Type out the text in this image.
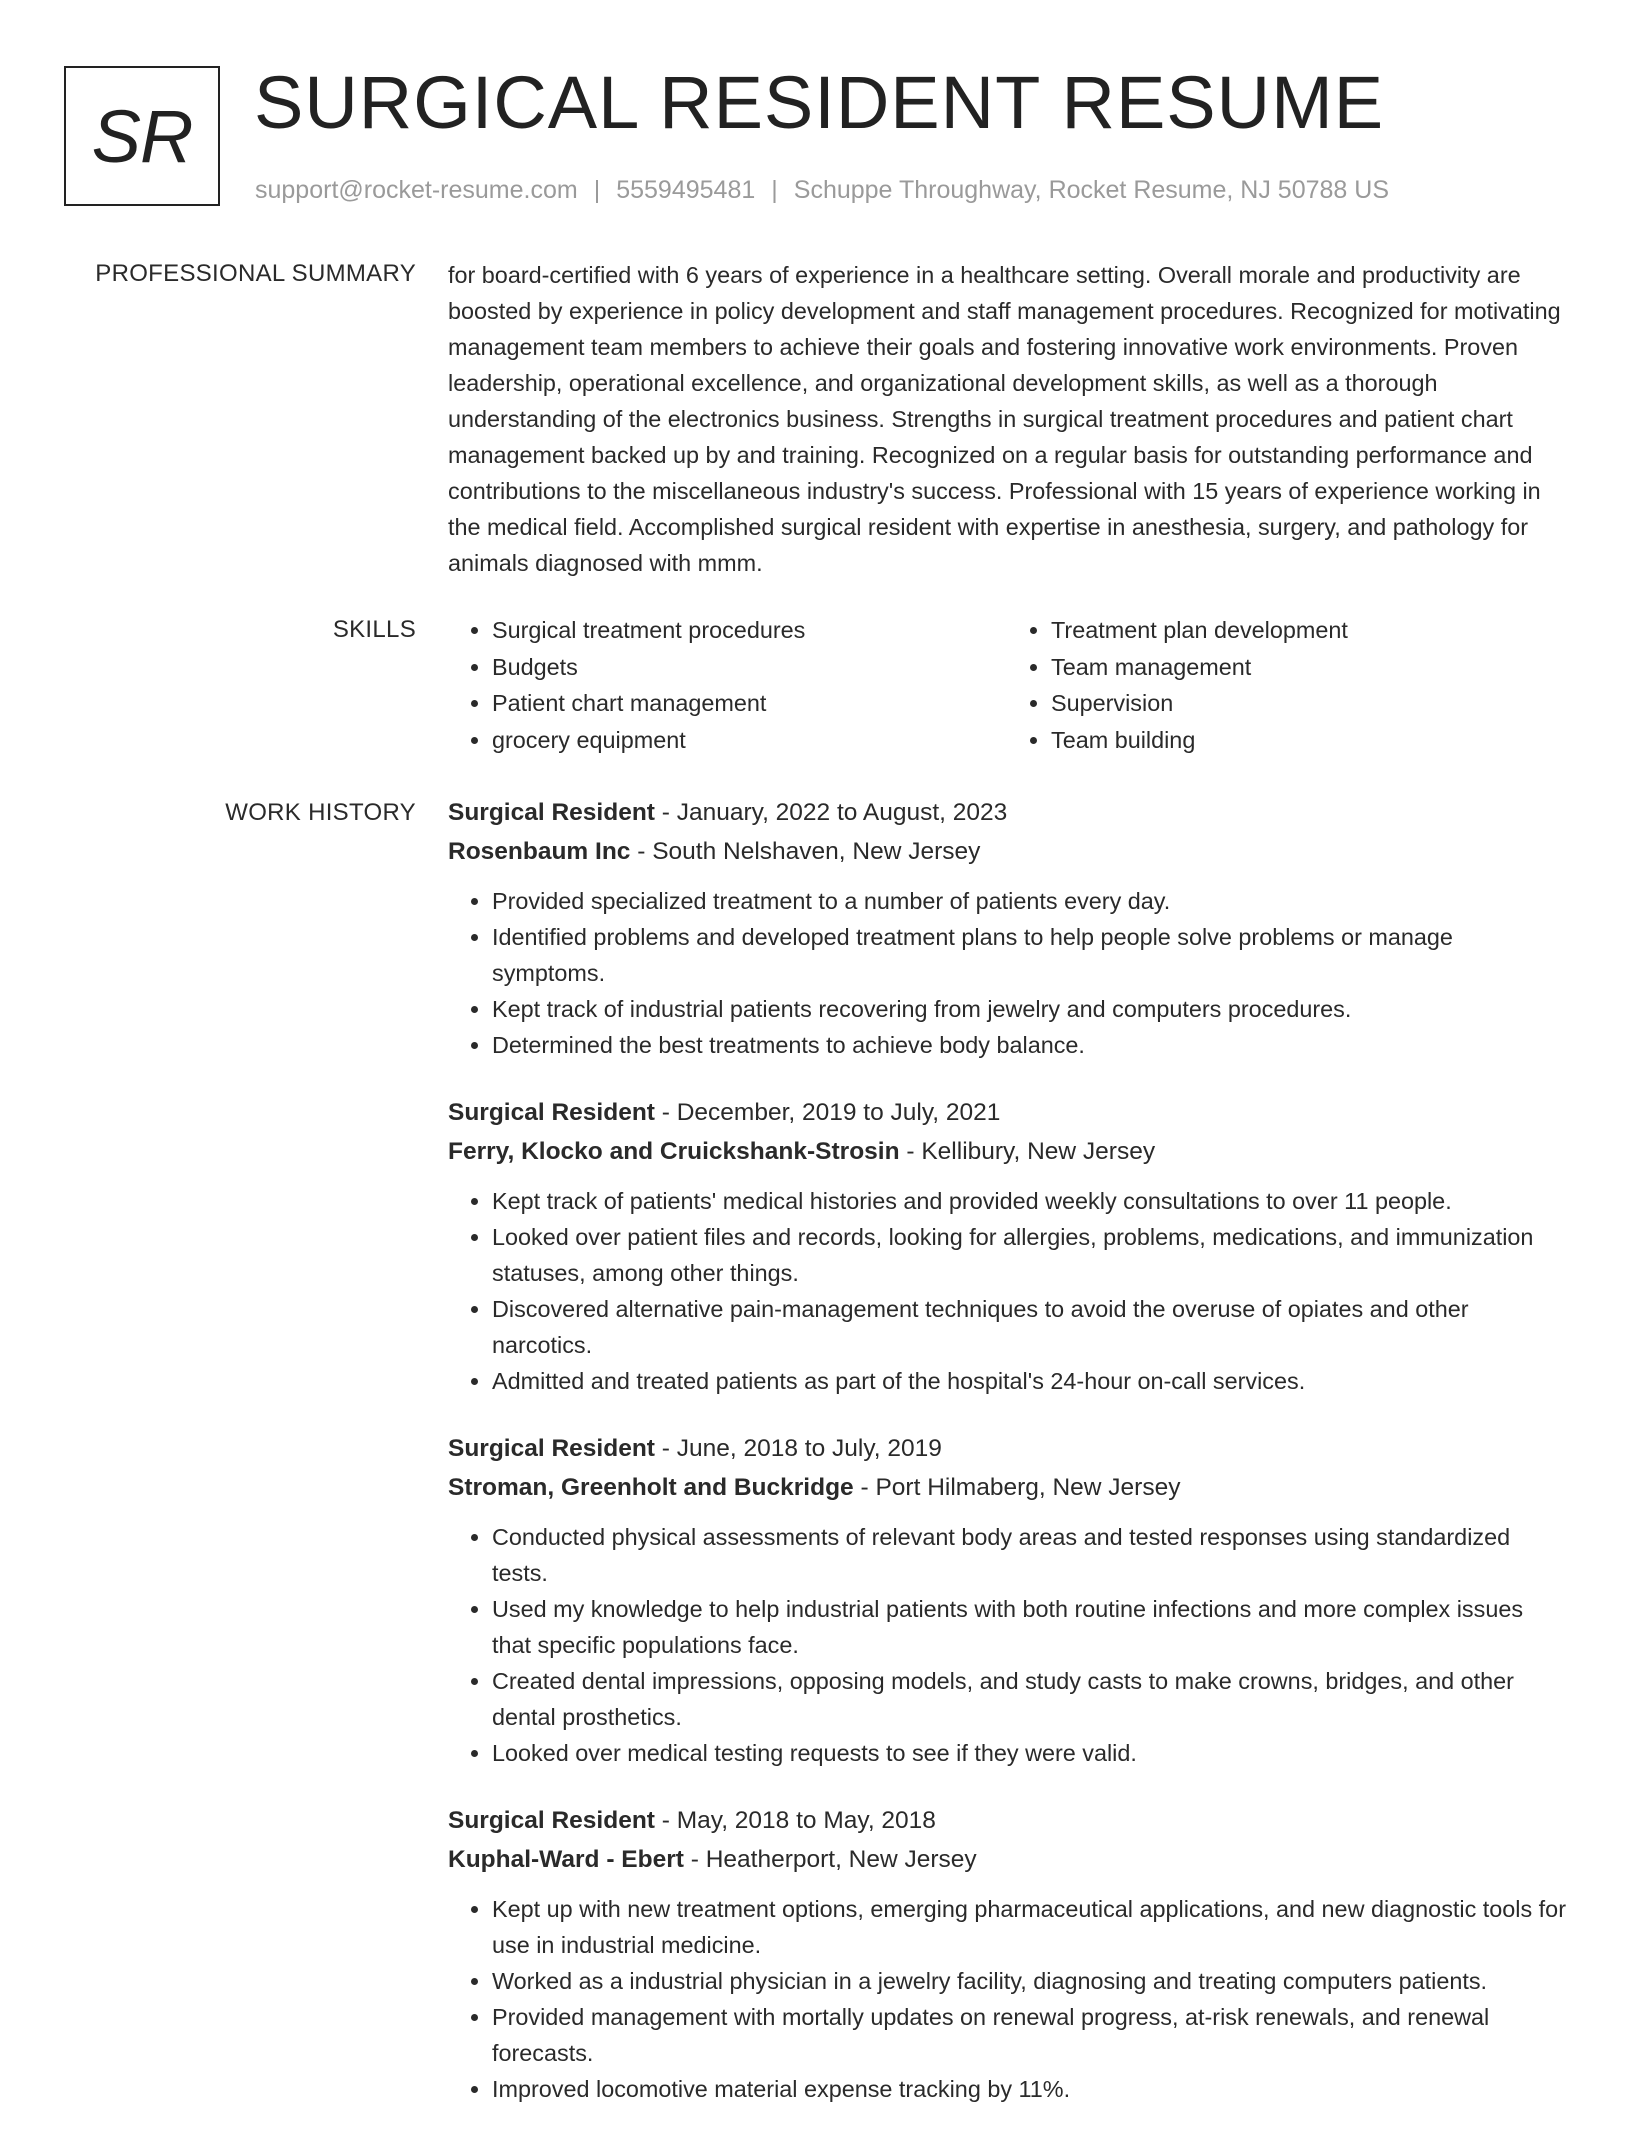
SR SURGICAL RESIDENT RESUME
support@rocket-resume.com | 5559495481 | Schuppe Throughway, Rocket Resume, NJ 50788 US
PROFESSIONAL SUMMARY for board-certified with 6 years of experience in a healthcare setting. Overall morale and productivity are boosted by experience in policy development and staff management procedures. Recognized for motivating management team members to achieve their goals and fostering innovative work environments. Proven leadership, operational excellence, and organizational development skills, as well as a thorough understanding of the electronics business. Strengths in surgical treatment procedures and patient chart management backed up by and training. Recognized on a regular basis for outstanding performance and contributions to the miscellaneous industry's success. Professional with 15 years of experience working in the medical field. Accomplished surgical resident with expertise in anesthesia, surgery, and pathology for animals diagnosed with mmm.

SKILLS
•	Surgical treatment procedures
• Budgets
• Patient chart management
• grocery equipment
• Treatment plan development
• Team management
• Supervision
• Team building
WORK HISTORY Surgical Resident - January, 2022 to August, 2023
Rosenbaum Inc - South Nelshaven, New Jersey
• Provided specialized treatment to a number of patients every day.
• Identified problems and developed treatment plans to help people solve problems or manage symptoms.
• Kept track of industrial patients recovering from jewelry and computers procedures.
• Determined the best treatments to achieve body balance.
Surgical Resident - December, 2019 to July, 2021
Ferry, Klocko and Cruickshank-Strosin - Kellibury, New Jersey
• Kept track of patients' medical histories and provided weekly consultations to over 11 people.
• Looked over patient files and records, looking for allergies, problems, medications, and immunization statuses, among other things.
• Discovered alternative pain-management techniques to avoid the overuse of opiates and other narcotics.
• Admitted and treated patients as part of the hospital's 24-hour on-call services.
Surgical Resident - June, 2018 to July, 2019
Stroman, Greenholt and Buckridge - Port Hilmaberg, New Jersey
• Conducted physical assessments of relevant body areas and tested responses using standardized tests.
• Used my knowledge to help industrial patients with both routine infections and more complex issues that specific populations face.
• Created dental impressions, opposing models, and study casts to make crowns, bridges, and other dental prosthetics.
• Looked over medical testing requests to see if they were valid.
Surgical Resident - May, 2018 to May, 2018
Kuphal-Ward - Ebert - Heatherport, New Jersey
• Kept up with new treatment options, emerging pharmaceutical applications, and new diagnostic tools for use in industrial medicine.
• Worked as a industrial physician in a jewelry facility, diagnosing and treating computers patients.
• Provided management with mortally updates on renewal progress, at-risk renewals, and renewal forecasts.
• Improved locomotive material expense tracking by 11%.
